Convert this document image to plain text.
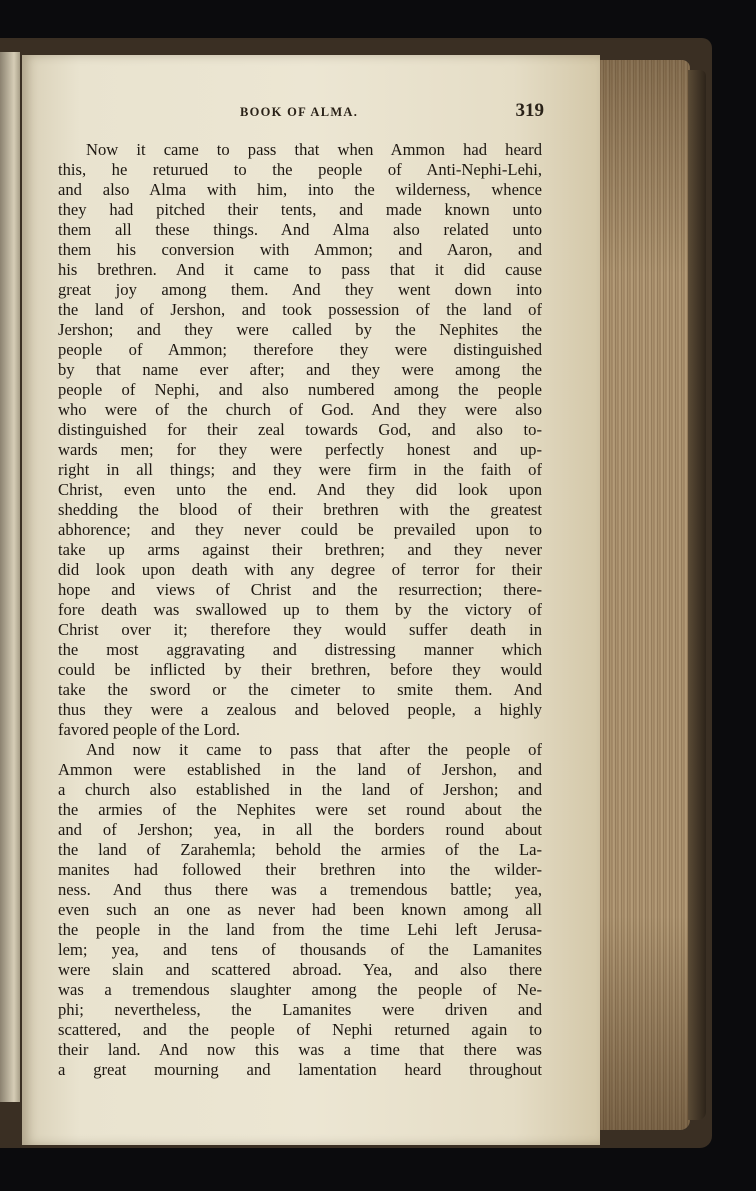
BOOK OF ALMA.	319
Now it came to pass that when Ammon had heard
this, he returued to the people of Anti-Nephi-Lehi,
and also Alma with him, into the wilderness, whence
they had pitched their tents, and made known unto
them all these things. And Alma also related unto
them his conversion with Ammon; and Aaron, and
his brethren. And it came to pass that it did cause
great joy among them. And they went down into
the land of Jershon, and took possession of the land of
Jershon; and they were called by the Nephites the
people of Ammon; therefore they were distinguished
by that name ever after; and they were among the
people of Nephi, and also numbered among the people
who were of the church of God. And they were also
distinguished for their zeal towards God, and also to-
wards men; for they were perfectly honest and up-
right in all things; and they were firm in the faith of
Christ, even unto the end. And they did look upon
shedding the blood of their brethren with the greatest
abhorence; and they never could be prevailed upon to
take up arms against their brethren; and they never
did look upon death with any degree of terror for their
hope and views of Christ and the resurrection; there-
fore death was swallowed up to them by the victory of
Christ over it; therefore they would suffer death in
the most aggravating and distressing manner which
could be inflicted by their brethren, before they would
take the sword or the cimeter to smite them. And
thus they were a zealous and beloved people, a highly
favored people of the Lord.
And now it came to pass that after the people of
Ammon were established in the land of Jershon, and
a church also established in the land of Jershon; and
the armies of the Nephites were set round about the
and of Jershon; yea, in all the borders round about
the land of Zarahemla; behold the armies of the La-
manites had followed their brethren into the wilder-
ness. And thus there was a tremendous battle; yea,
even such an one as never had been known among all
the people in the land from the time Lehi left Jerusa-
lem; yea, and tens of thousands of the Lamanites
were slain and scattered abroad. Yea, and also there
was a tremendous slaughter among the people of Ne-
phi; nevertheless, the Lamanites were driven and
scattered, and the people of Nephi returned again to
their land. And now this was a time that there was
a great mourning and lamentation heard throughout
